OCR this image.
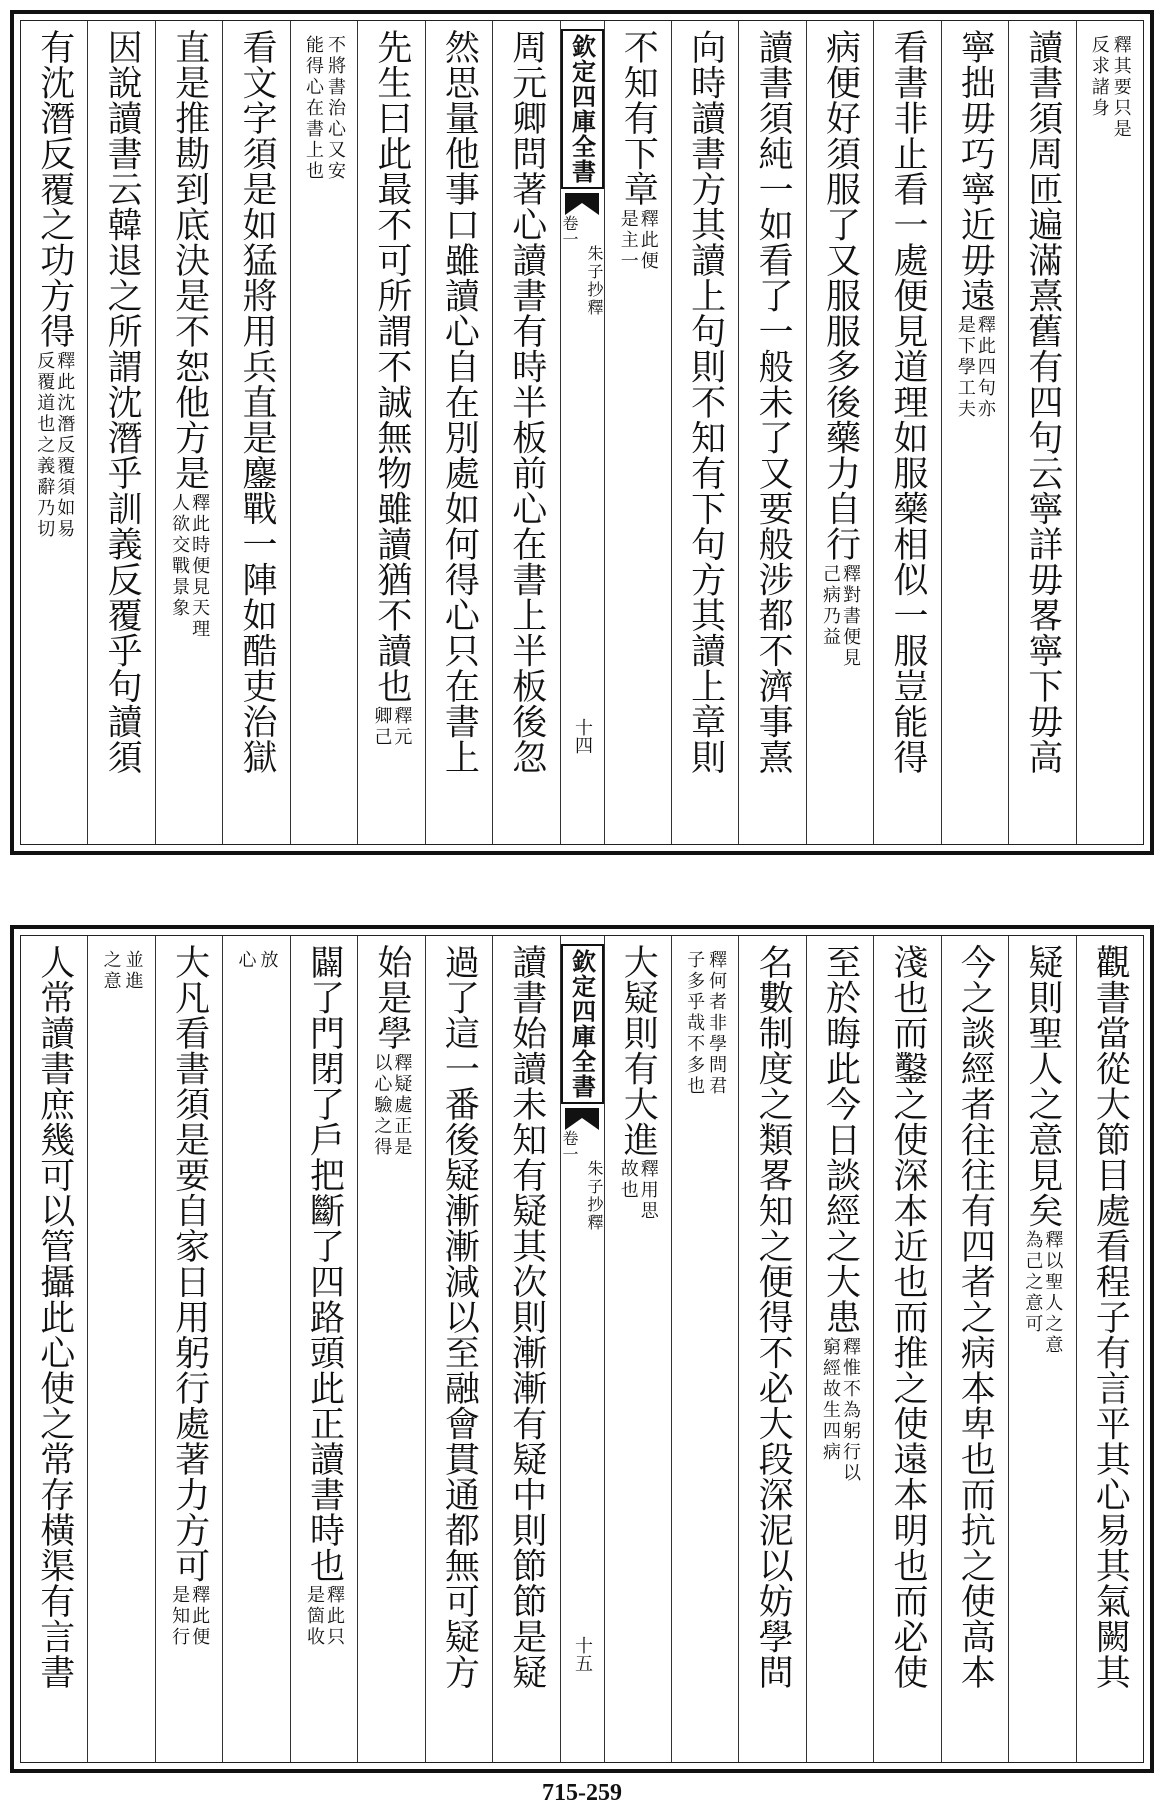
釋其要只是
反求諸身
讀書須周匝遍滿熹舊有四句云寧詳毋畧寧下毋高
寧拙毋巧寧近毋遠
釋此四句亦
是下學工夫
看書非止看一處便見道理如服藥相似一服豈能得
病便好須服了又服服多後藥力自行
釋對書便見
己病乃益
讀書須純一如看了一般未了又要般涉都不濟事熹
向時讀書方其讀上句則不知有下句方其讀上章則
不知有下章
釋此便
是主一
欽定四庫全書
朱子抄釋
卷一
十四
周元卿問著心讀書有時半板前心在書上半板後忽
然思量他事口雖讀心自在別處如何得心只在書上
先生曰此最不可所謂不誠無物雖讀猶不讀也
釋元
卿己
不將書治心又安
能得心在書上也
看文字須是如猛將用兵直是鏖戰一陣如酷吏治獄
直是推勘到底決是不恕他方是
釋此時便見天理
人欲交戰景象
因說讀書云韓退之所謂沈潛乎訓義反覆乎句讀須
有沈潛反覆之功方得
釋此沈潛反覆須如易
反覆道也之義辭乃切
觀書當從大節目處看程子有言平其心易其氣闕其
疑則聖人之意見矣
釋以聖人之意
為己之意可
今之談經者往往有四者之病本卑也而抗之使高本
淺也而鑿之使深本近也而推之使遠本明也而必使
至於晦此今日談經之大患
釋惟不為躬行以
窮經故生四病
名數制度之類畧知之便得不必大段深泥以妨學問
釋何者非學問君
子多乎哉不多也
大疑則有大進
釋用思
故也
欽定四庫全書
朱子抄釋
卷一
十五
讀書始讀未知有疑其次則漸漸有疑中則節節是疑
過了這一番後疑漸漸減以至融會貫通都無可疑方
始是學
釋疑處正是
以心驗之得
闢了門閉了戶把斷了四路頭此正讀書時也
釋此只
是箇收
放
心
大凡看書須是要自家日用躬行處著力方可
釋此便
是知行
並進
之意
人常讀書庶幾可以管攝此心使之常存橫渠有言書
715-259
